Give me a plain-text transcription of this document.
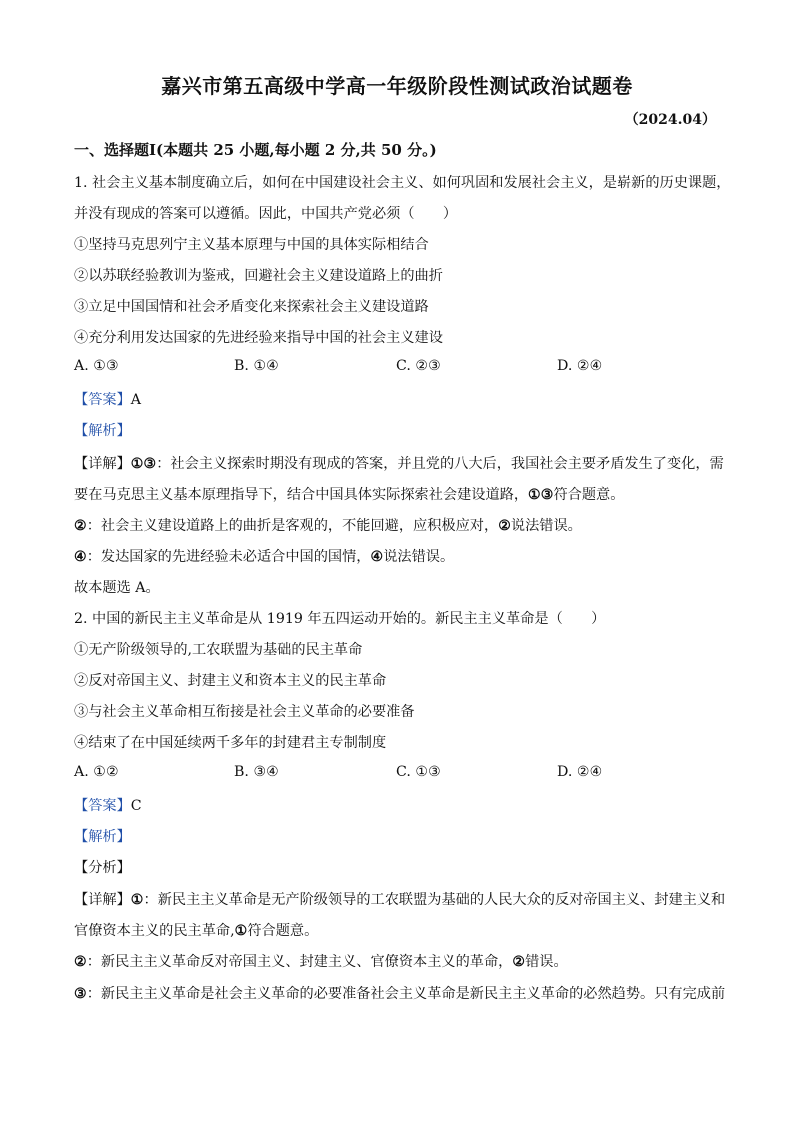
嘉兴市第五高级中学高一年级阶段性测试政治试题卷
（2024.04）
一、选择题Ⅰ(本题共 25 小题,每小题 2 分,共 50 分。)
1. 社会主义基本制度确立后，如何在中国建设社会主义、如何巩固和发展社会主义，是崭新的历史课题，
并没有现成的答案可以遵循。因此，中国共产党必须（　　）
①坚持马克思列宁主义基本原理与中国的具体实际相结合
②以苏联经验教训为鉴戒，回避社会主义建设道路上的曲折
③立足中国国情和社会矛盾变化来探索社会主义建设道路
④充分利用发达国家的先进经验来指导中国的社会主义建设
A. ①③	B. ①④	C. ②③	D. ②④
【答案】A
【解析】
【详解】①③：社会主义探索时期没有现成的答案，并且党的八大后，我国社会主要矛盾发生了变化，需
要在马克思主义基本原理指导下，结合中国具体实际探索社会建设道路，①③符合题意。
②：社会主义建设道路上的曲折是客观的，不能回避，应积极应对，②说法错误。
④：发达国家的先进经验未必适合中国的国情，④说法错误。
故本题选 A。
2. 中国的新民主主义革命是从 1919 年五四运动开始的。新民主主义革命是（　　）
①无产阶级领导的,工农联盟为基础的民主革命
②反对帝国主义、封建主义和资本主义的民主革命
③与社会主义革命相互衔接是社会主义革命的必要准备
④结束了在中国延续两千多年的封建君主专制制度
A. ①②	B. ③④	C. ①③	D. ②④
【答案】C
【解析】
【分析】
【详解】①：新民主主义革命是无产阶级领导的工农联盟为基础的人民大众的反对帝国主义、封建主义和
官僚资本主义的民主革命,①符合题意。
②：新民主主义革命反对帝国主义、封建主义、官僚资本主义的革命，②错误。
③：新民主主义革命是社会主义革命的必要准备社会主义革命是新民主主义革命的必然趋势。只有完成前
